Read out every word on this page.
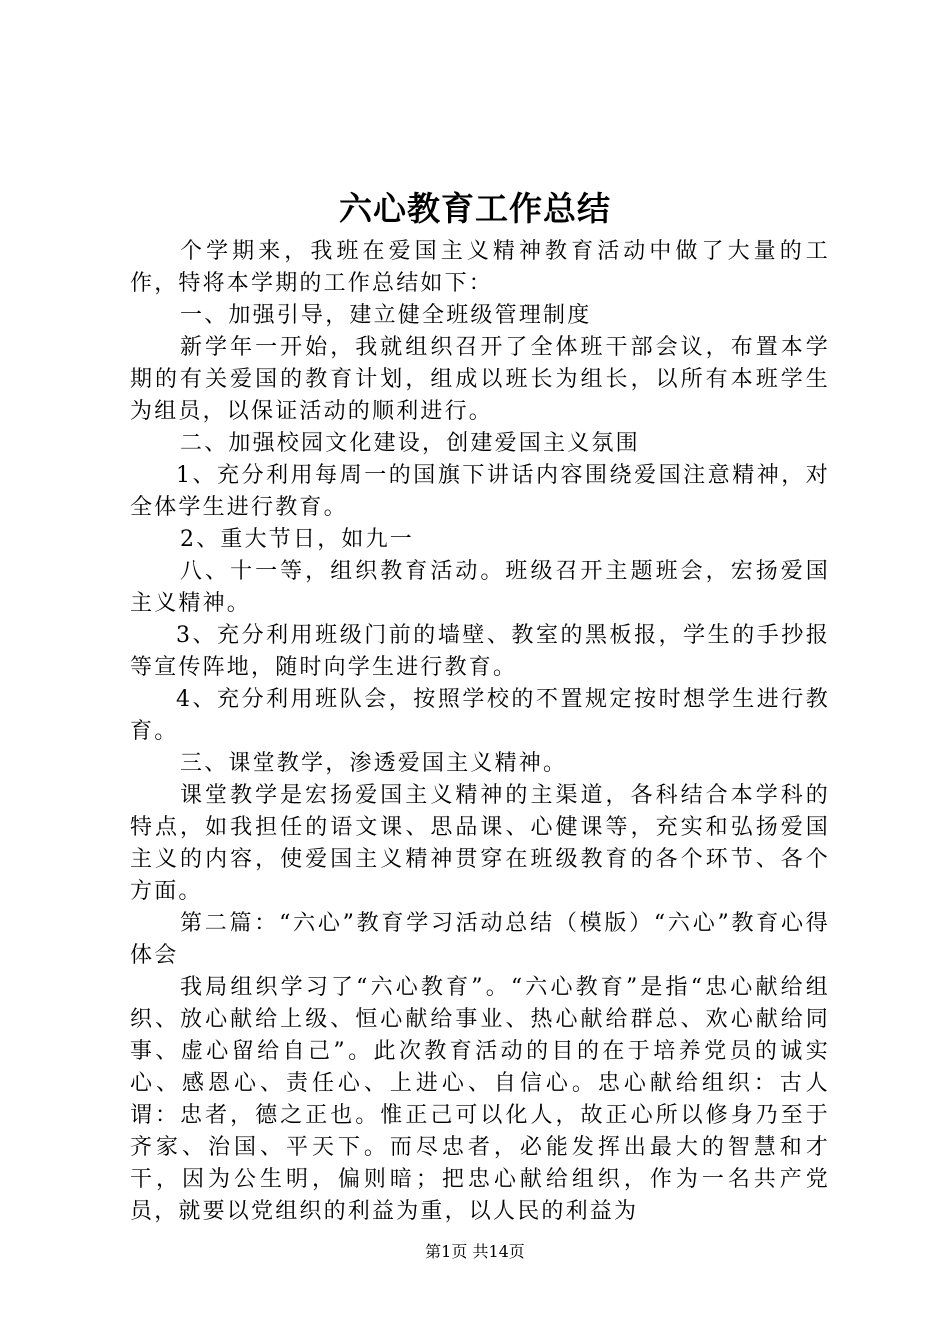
六心教育工作总结

个学期来，我班在爱国主义精神教育活动中做了大量的工作，特将本学期的工作总结如下：

一、加强引导，建立健全班级管理制度

新学年一开始，我就组织召开了全体班干部会议，布置本学期的有关爱国的教育计划，组成以班长为组长，以所有本班学生为组员，以保证活动的顺利进行。

二、加强校园文化建设，创建爱国主义氛围

1、充分利用每周一的国旗下讲话内容围绕爱国注意精神，对全体学生进行教育。

2、重大节日，如九一

八、十一等，组织教育活动。班级召开主题班会，宏扬爱国主义精神。

3、充分利用班级门前的墙壁、教室的黑板报，学生的手抄报等宣传阵地，随时向学生进行教育。

4、充分利用班队会，按照学校的不置规定按时想学生进行教育。

三、课堂教学，渗透爱国主义精神。

课堂教学是宏扬爱国主义精神的主渠道，各科结合本学科的特点，如我担任的语文课、思品课、心健课等，充实和弘扬爱国主义的内容，使爱国主义精神贯穿在班级教育的各个环节、各个方面。

第二篇：“六心”教育学习活动总结（模版）“六心”教育心得体会

我局组织学习了“六心教育”。“六心教育”是指“忠心献给组织、放心献给上级、恒心献给事业、热心献给群总、欢心献给同事、虚心留给自己”。此次教育活动的目的在于培养党员的诚实心、感恩心、责任心、上进心、自信心。忠心献给组织：古人谓：忠者，德之正也。惟正己可以化人，故正心所以修身乃至于齐家、治国、平天下。而尽忠者，必能发挥出最大的智慧和才干，因为公生明，偏则暗；把忠心献给组织，作为一名共产党员，就要以党组织的利益为重，以人民的利益为

第1页 共14页
